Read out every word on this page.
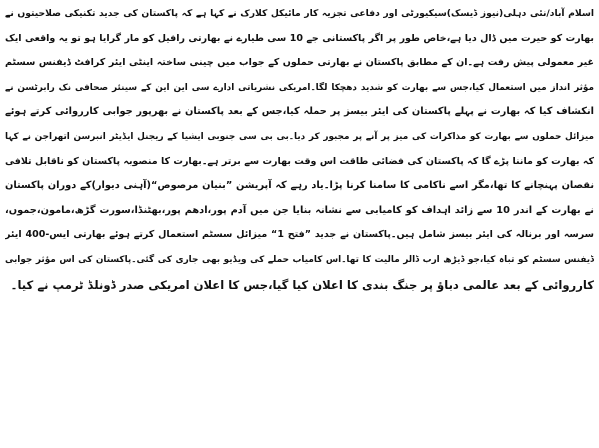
اسلام آباد/نئی دہلی(نیوز ڈیسک)سیکیورٹی اور دفاعی تجزیہ کار مائیکل کلارک نے کہا ہے کہ پاکستان کی جدید تکنیکی صلاحیتوں نے
بھارت کو حیرت میں ڈال دیا ہے،خاص طور پر اگر پاکستانی جے 10 سی طیارے نے بھارتی رافیل کو مار گرایا ہو تو یہ واقعی ایک
غیر معمولی پیش رفت ہے۔ان کے مطابق پاکستان نے بھارتی حملوں کے جواب میں چینی ساختہ اینٹی ایئر کرافٹ ڈیفنس سسٹم
مؤثر انداز میں استعمال کیا،جس سے بھارت کو شدید دھچکا لگا۔امریکی نشریاتی ادارے سی این این کے سینئر صحافی نک رابرٹسن نے
انکشاف کیا کہ بھارت نے پہلے پاکستان کی ایئر بیسز پر حملہ کیا،جس کے بعد پاکستان نے بھرپور جوابی کارروائی کرتے ہوئے
میزائل حملوں سے بھارت کو مذاکرات کی میز پر آنے پر مجبور کر دیا۔بی بی سی جنوبی ایشیا کے ریجنل ایڈیٹر انبرسن اتھراجن نے کہا
کہ بھارت کو ماننا پڑے گا کہ پاکستان کی فضائی طاقت اس وقت بھارت سے برتر ہے۔بھارت کا منصوبہ پاکستان کو ناقابل تلافی
نقصان پہنچانے کا تھا،مگر اسے ناکامی کا سامنا کرنا پڑا۔یاد رہے کہ آپریشن ”بنیان مرصوص“(آہنی دیوار)کے دوران پاکستان
نے بھارت کے اندر 10 سے زائد اہداف کو کامیابی سے نشانہ بنایا جن میں آدم پور،ادھم پور،بھٹنڈا،سورت گڑھ،مامون،جموں،
سرسہ اور برنالہ کی ایئر بیسز شامل ہیں۔پاکستان نے جدید ”فتح 1“ میزائل سسٹم استعمال کرتے ہوئے بھارتی ایس-400 ایئر
ڈیفنس سسٹم کو تباہ کیا،جو ڈیڑھ ارب ڈالر مالیت کا تھا۔اس کامیاب حملے کی ویڈیو بھی جاری کی گئی۔پاکستان کی اس مؤثر جوابی
کارروائی کے بعد عالمی دباؤ پر جنگ بندی کا اعلان کیا گیا،جس کا اعلان امریکی صدر ڈونلڈ ٹرمپ نے کیا۔
